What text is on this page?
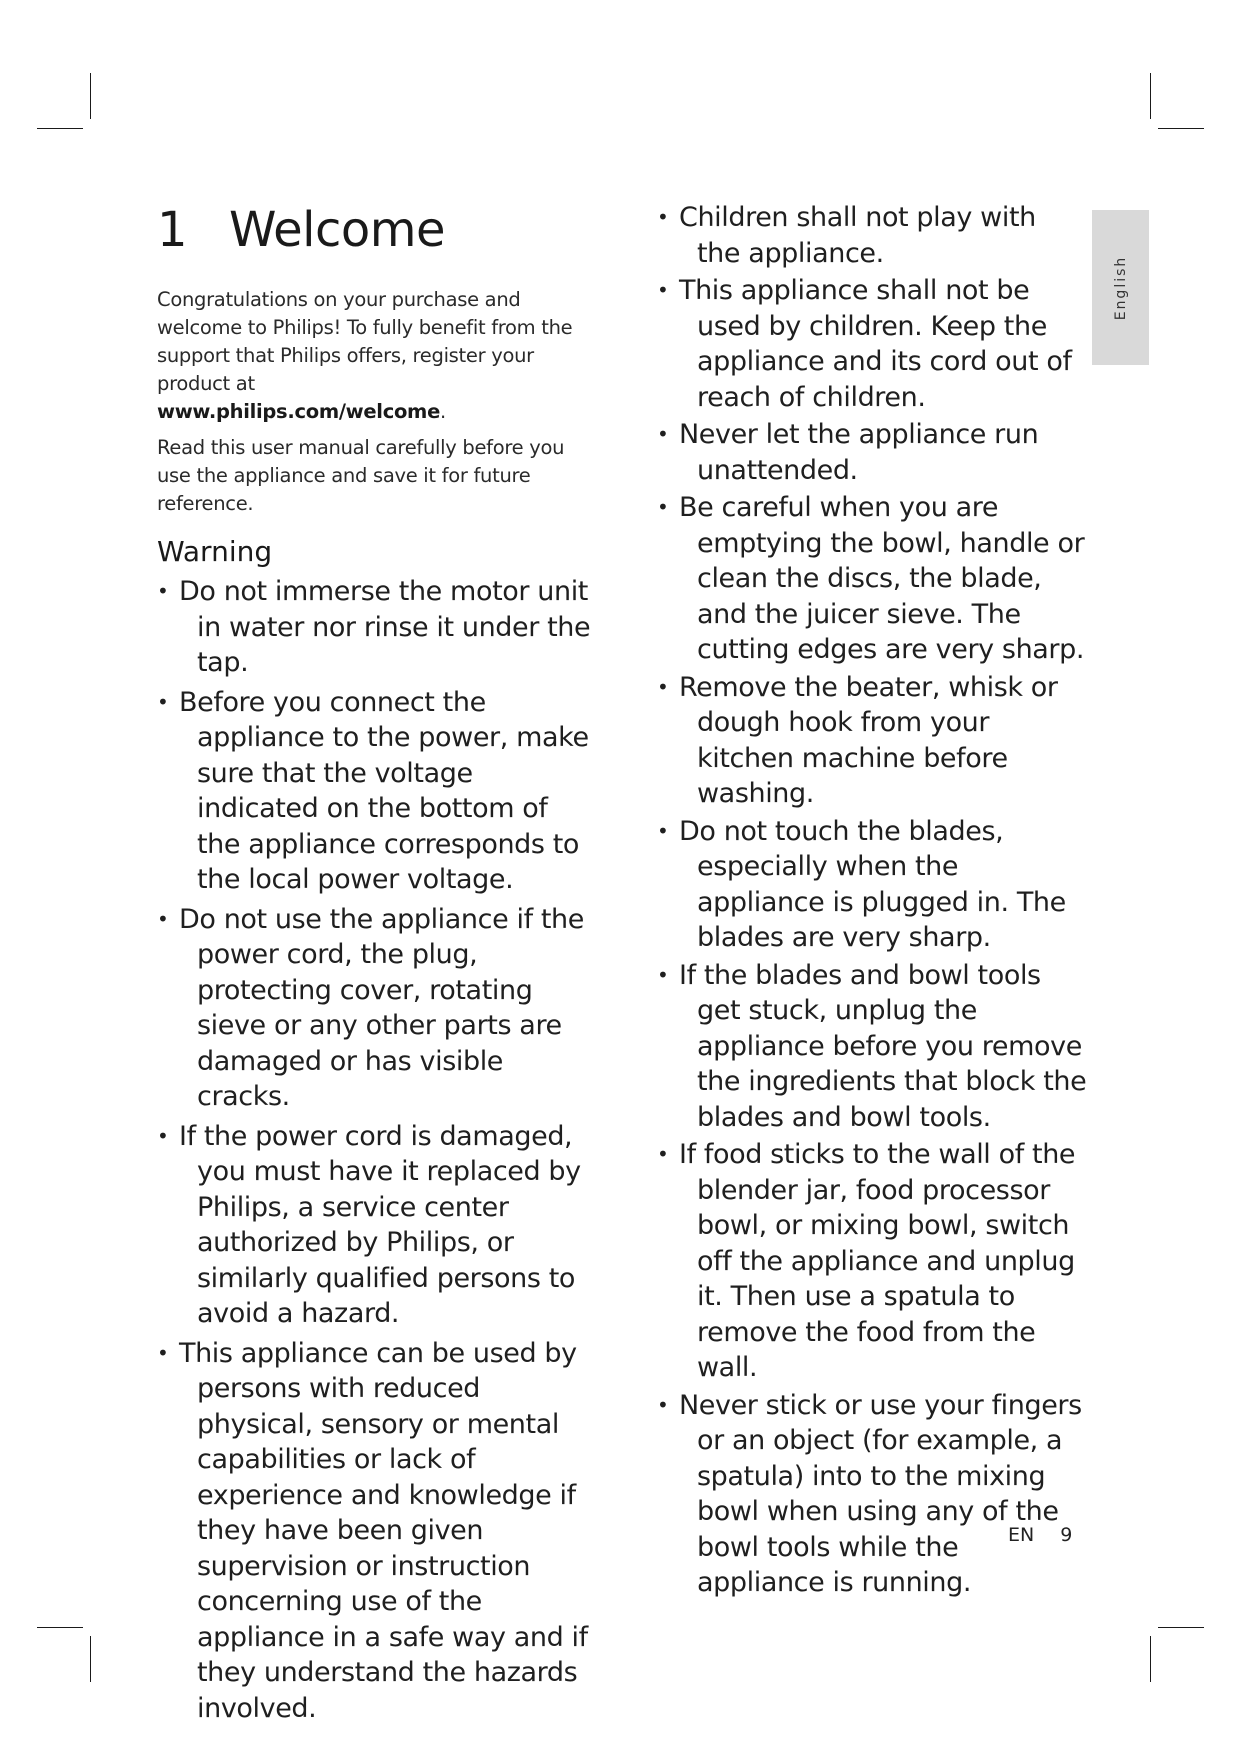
1 Welcome

Congratulations on your purchase and welcome to Philips! To fully benefit from the support that Philips offers, register your product at
www.philips.com/welcome.

Read this user manual carefully before you use the appliance and save it for future reference.

Warning
• Do not immerse the motor unit in water nor rinse it under the tap.
• Before you connect the appliance to the power, make sure that the voltage indicated on the bottom of the appliance corresponds to the local power voltage.
• Do not use the appliance if the power cord, the plug, protecting cover, rotating sieve or any other parts are damaged or has visible cracks.
• If the power cord is damaged, you must have it replaced by Philips, a service center authorized by Philips, or similarly qualified persons to avoid a hazard.
• This appliance can be used by persons with reduced physical, sensory or mental capabilities or lack of experience and knowledge if they have been given supervision or instruction concerning use of the appliance in a safe way and if they understand the hazards involved.
• Children shall not play with the appliance.
• This appliance shall not be used by children. Keep the appliance and its cord out of reach of children.
• Never let the appliance run unattended.
• Be careful when you are emptying the bowl, handle or clean the discs, the blade, and the juicer sieve. The cutting edges are very sharp.
• Remove the beater, whisk or dough hook from your kitchen machine before washing.
• Do not touch the blades, especially when the appliance is plugged in. The blades are very sharp.
• If the blades and bowl tools get stuck, unplug the appliance before you remove the ingredients that block the blades and bowl tools.
• If food sticks to the wall of the blender jar, food processor bowl, or mixing bowl, switch off the appliance and unplug it. Then use a spatula to remove the food from the wall.
• Never stick or use your fingers or an object (for example, a spatula) into to the mixing bowl when using any of the bowl tools while the appliance is running.
English
EN 9
